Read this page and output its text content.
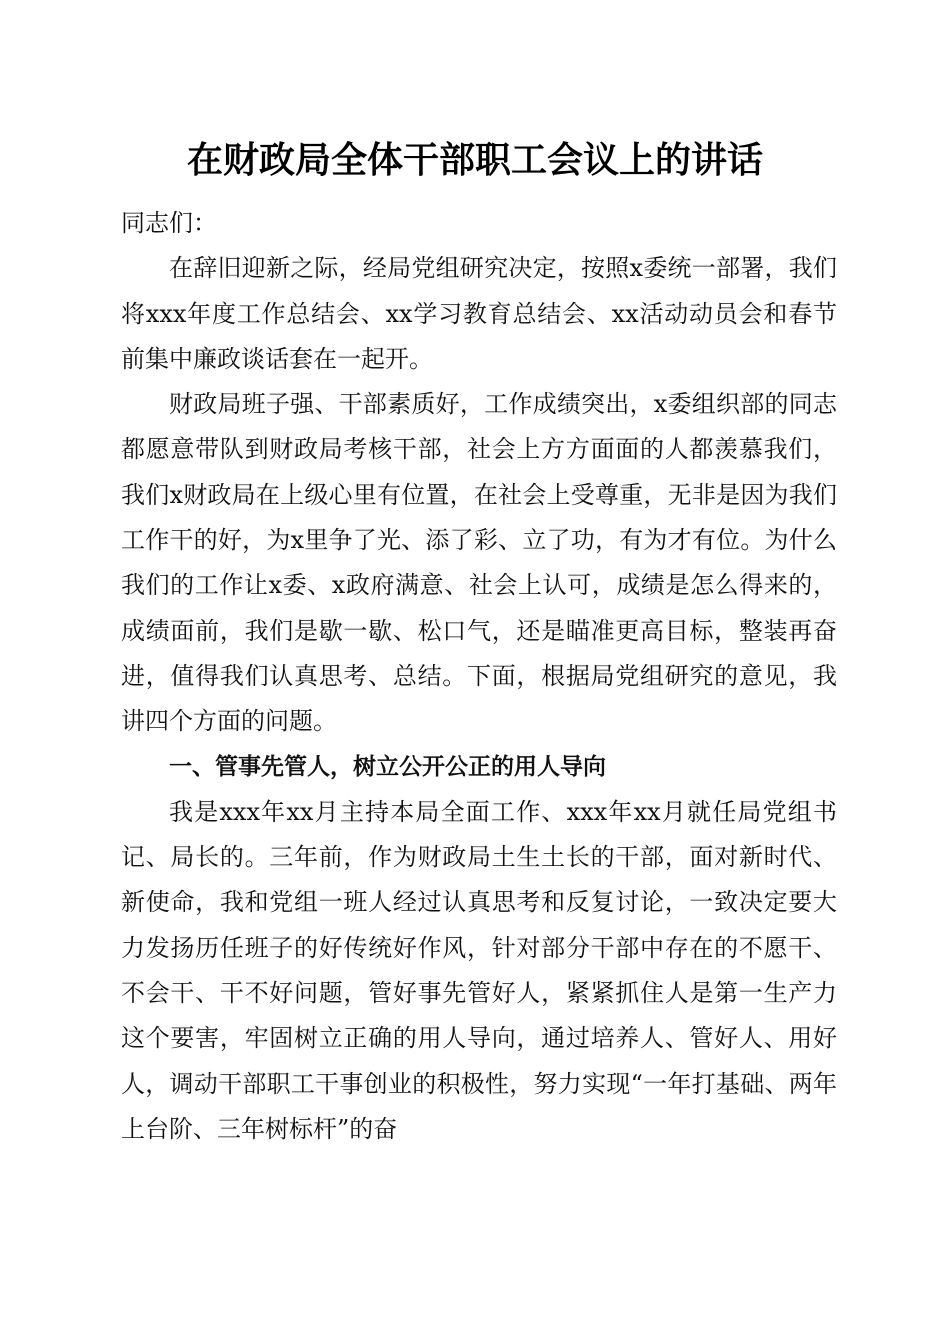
在财政局全体干部职工会议上的讲话

同志们：

在辞旧迎新之际，经局党组研究决定，按照x委统一部署，我们将xxx年度工作总结会、xx学习教育总结会、xx活动动员会和春节前集中廉政谈话套在一起开。

财政局班子强、干部素质好，工作成绩突出，x委组织部的同志都愿意带队到财政局考核干部，社会上方方面面的人都羡慕我们，我们x财政局在上级心里有位置，在社会上受尊重，无非是因为我们工作干的好，为x里争了光、添了彩、立了功，有为才有位。为什么我们的工作让x委、x政府满意、社会上认可，成绩是怎么得来的，成绩面前，我们是歇一歇、松口气，还是瞄准更高目标，整装再奋进，值得我们认真思考、总结。下面，根据局党组研究的意见，我讲四个方面的问题。

一、管事先管人，树立公开公正的用人导向

我是xxx年xx月主持本局全面工作、xxx年xx月就任局党组书记、局长的。三年前，作为财政局土生土长的干部，面对新时代、新使命，我和党组一班人经过认真思考和反复讨论，一致决定要大力发扬历任班子的好传统好作风，针对部分干部中存在的不愿干、不会干、干不好问题，管好事先管好人，紧紧抓住人是第一生产力这个要害，牢固树立正确的用人导向，通过培养人、管好人、用好人，调动干部职工干事创业的积极性，努力实现“一年打基础、两年上台阶、三年树标杆”的奋
